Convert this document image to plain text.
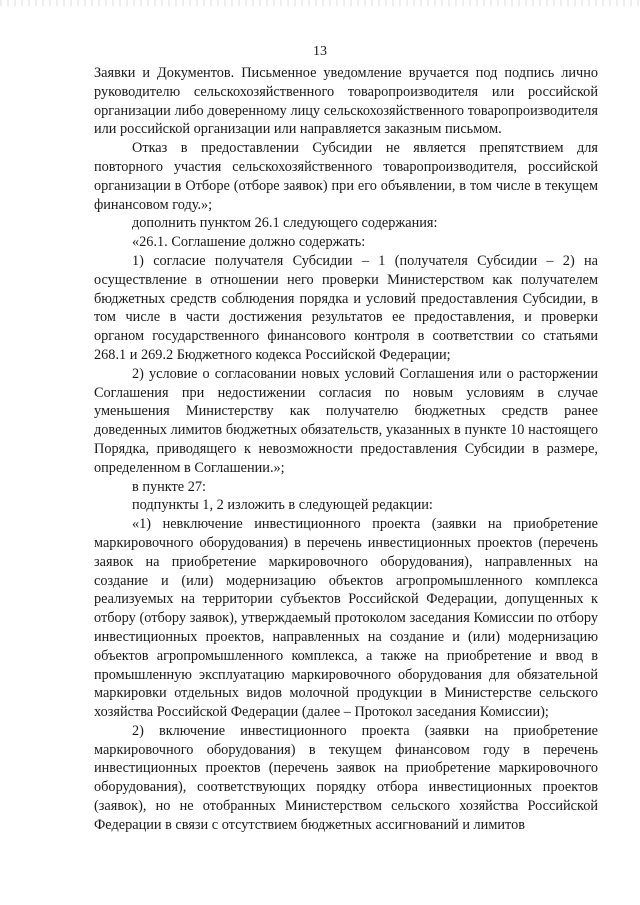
13

Заявки и Документов. Письменное уведомление вручается под подпись лично руководителю сельскохозяйственного товаропроизводителя или российской организации либо доверенному лицу сельскохозяйственного товаропроизводителя или российской организации или направляется заказным письмом.

Отказ в предоставлении Субсидии не является препятствием для повторного участия сельскохозяйственного товаропроизводителя, российской организации в Отборе (отборе заявок) при его объявлении, в том числе в текущем финансовом году.»;

дополнить пунктом 26.1 следующего содержания:

«26.1. Соглашение должно содержать:

1) согласие получателя Субсидии – 1 (получателя Субсидии – 2) на осуществление в отношении него проверки Министерством как получателем бюджетных средств соблюдения порядка и условий предоставления Субсидии, в том числе в части достижения результатов ее предоставления, и проверки органом государственного финансового контроля в соответствии со статьями 268.1 и 269.2 Бюджетного кодекса Российской Федерации;

2) условие о согласовании новых условий Соглашения или о расторжении Соглашения при недостижении согласия по новым условиям в случае уменьшения Министерству как получателю бюджетных средств ранее доведенных лимитов бюджетных обязательств, указанных в пункте 10 настоящего Порядка, приводящего к невозможности предоставления Субсидии в размере, определенном в Соглашении.»;

в пункте 27:

подпункты 1, 2 изложить в следующей редакции:

«1) невключение инвестиционного проекта (заявки на приобретение маркировочного оборудования) в перечень инвестиционных проектов (перечень заявок на приобретение маркировочного оборудования), направленных на создание и (или) модернизацию объектов агропромышленного комплекса реализуемых на территории субъектов Российской Федерации, допущенных к отбору (отбору заявок), утверждаемый протоколом заседания Комиссии по отбору инвестиционных проектов, направленных на создание и (или) модернизацию объектов агропромышленного комплекса, а также на приобретение и ввод в промышленную эксплуатацию маркировочного оборудования для обязательной маркировки отдельных видов молочной продукции в Министерстве сельского хозяйства Российской Федерации (далее – Протокол заседания Комиссии);

2) включение инвестиционного проекта (заявки на приобретение маркировочного оборудования) в текущем финансовом году в перечень инвестиционных проектов (перечень заявок на приобретение маркировочного оборудования), соответствующих порядку отбора инвестиционных проектов (заявок), но не отобранных Министерством сельского хозяйства Российской Федерации в связи с отсутствием бюджетных ассигнований и лимитов
